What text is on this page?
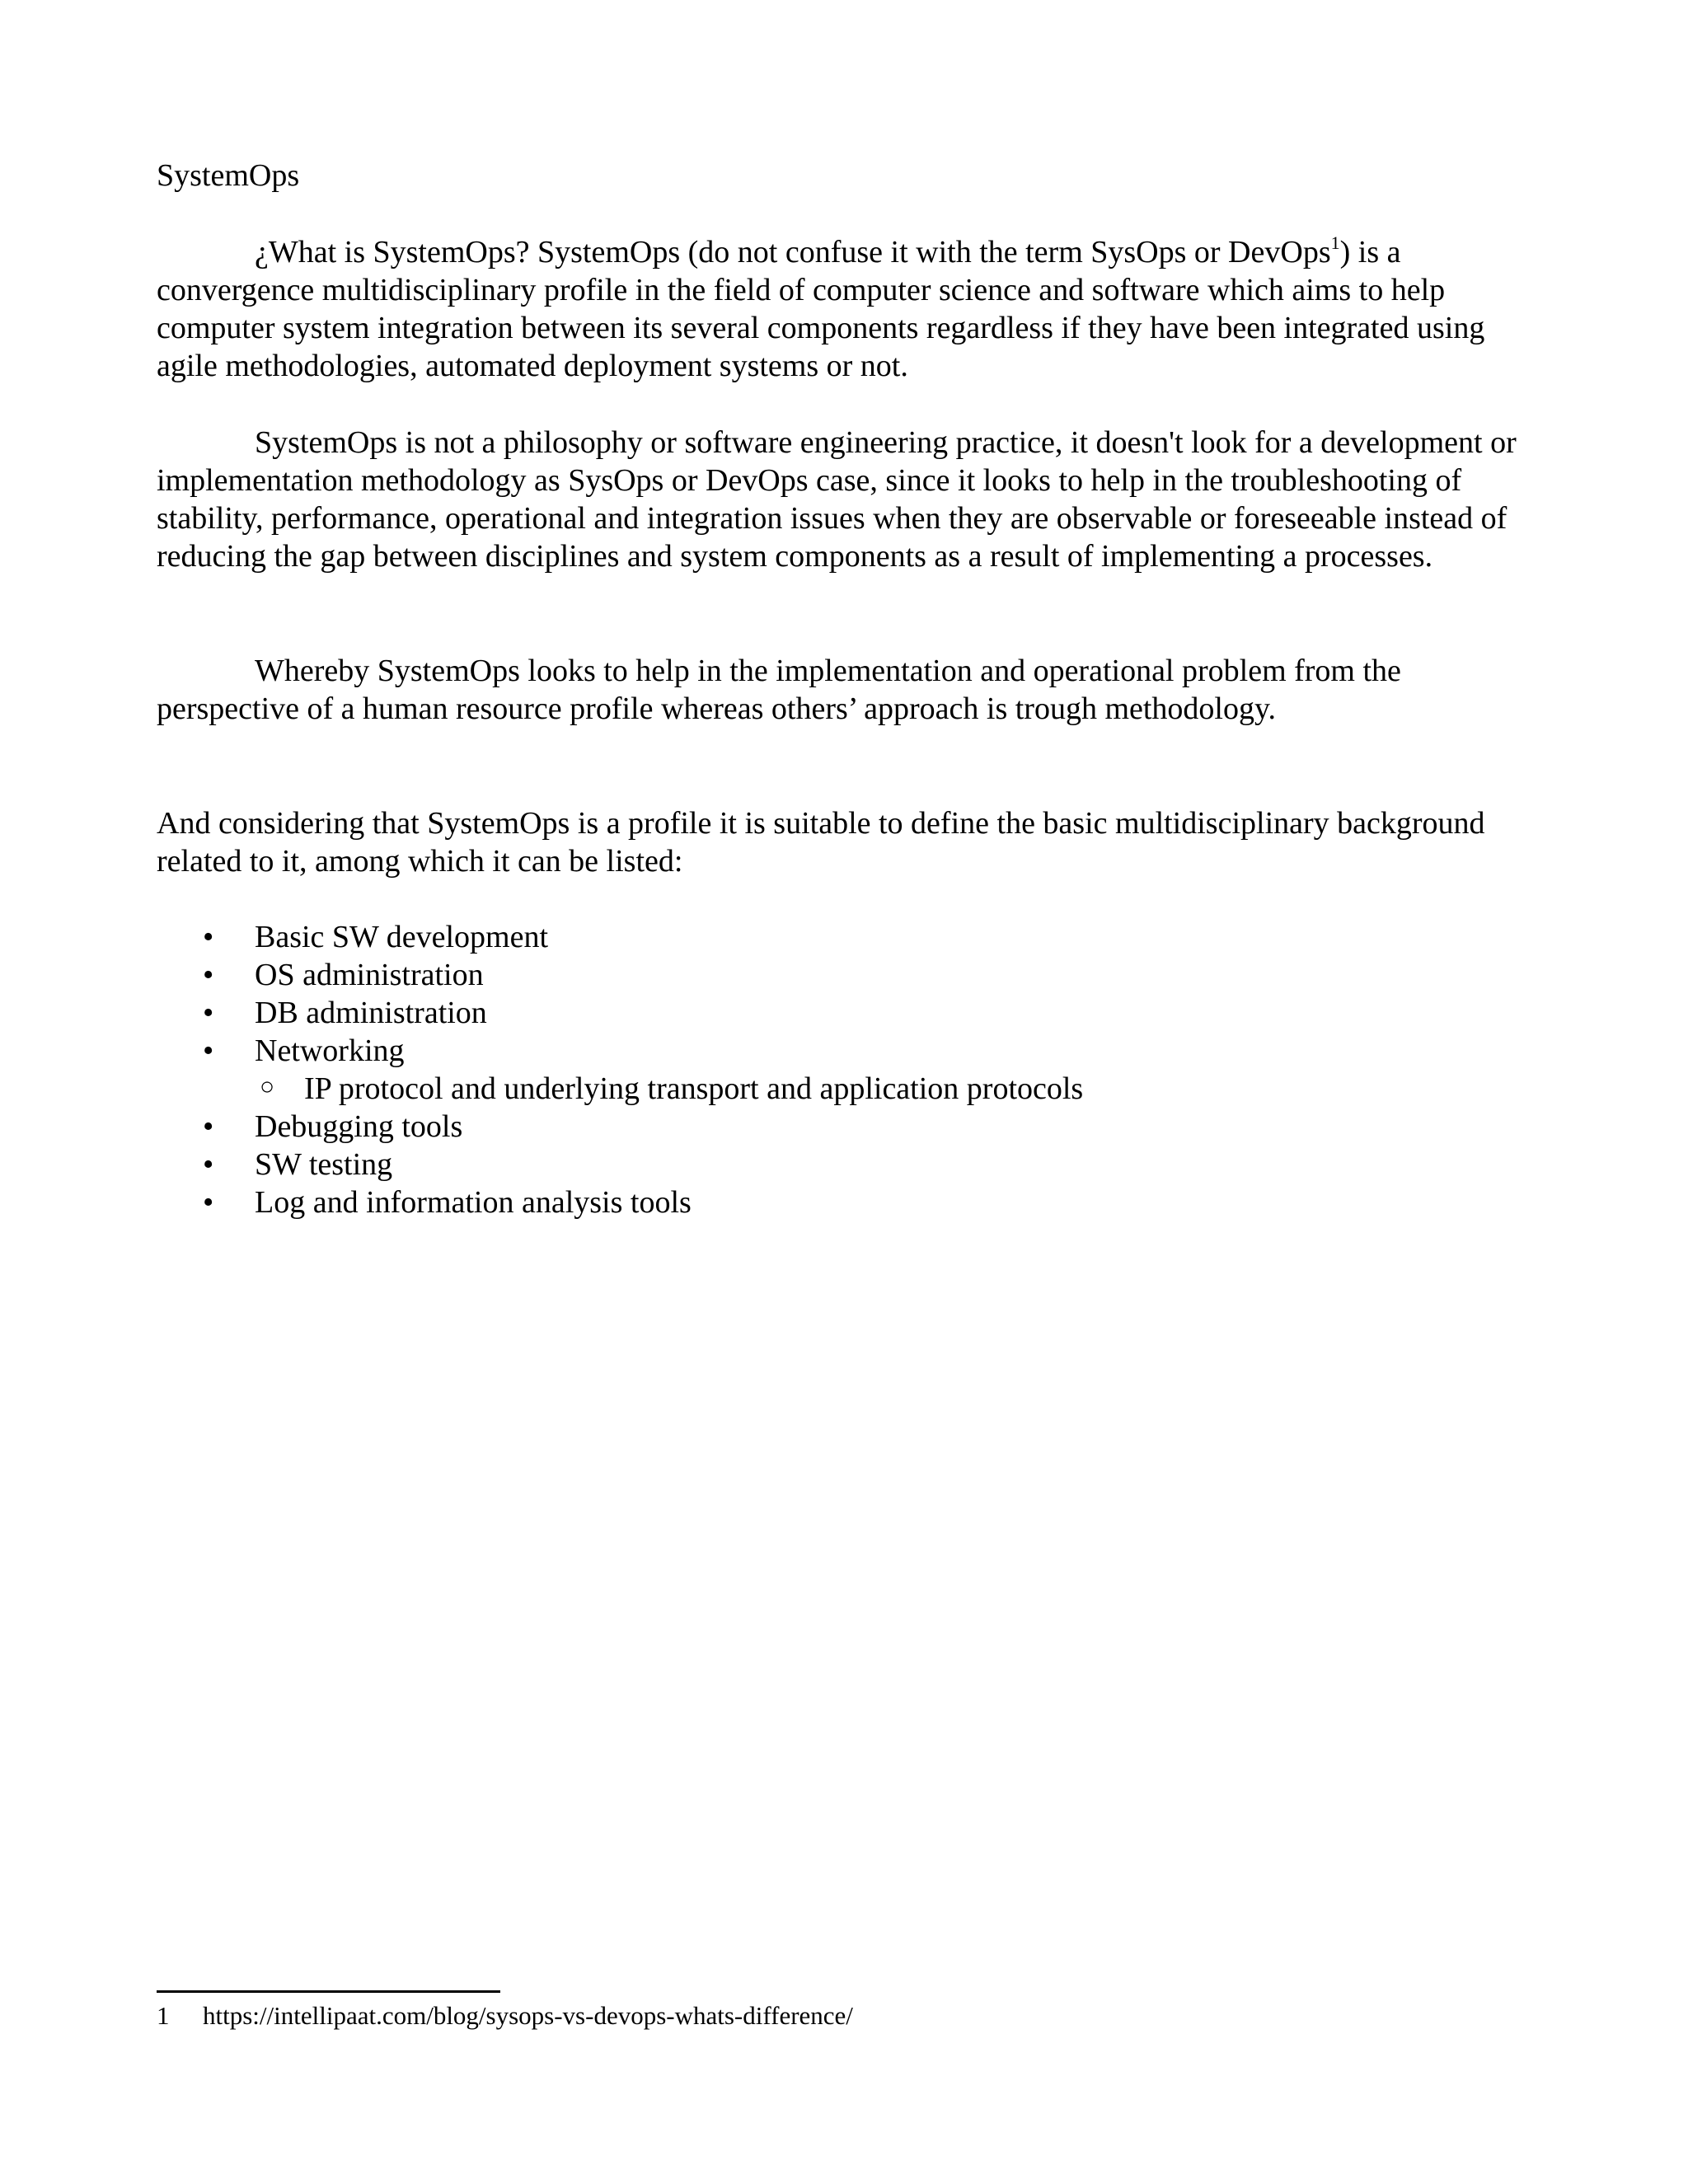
SystemOps

¿What is SystemOps? SystemOps (do not confuse it with the term SysOps or DevOps$^1$) is a convergence multidisciplinary profile in the field of computer science and software which aims to help computer system integration between its several components regardless if they have been integrated using agile methodologies, automated deployment systems or not.

SystemOps is not a philosophy or software engineering practice, it doesn't look for a development or implementation methodology as SysOps or DevOps case, since it looks to help in the troubleshooting of stability, performance, operational and integration issues when they are observable or foreseeable instead of reducing the gap between disciplines and system components as a result of implementing a processes.

Whereby SystemOps looks to help in the implementation and operational problem from the perspective of a human resource profile whereas others’ approach is trough methodology.

And considering that SystemOps is a profile it is suitable to define the basic multidisciplinary background related to it, among which it can be listed:

• Basic SW development
• OS administration
• DB administration
• Networking
○ IP protocol and underlying transport and application protocols
• Debugging tools
• SW testing
• Log and information analysis tools

1 https://intellipaat.com/blog/sysops-vs-devops-whats-difference/
